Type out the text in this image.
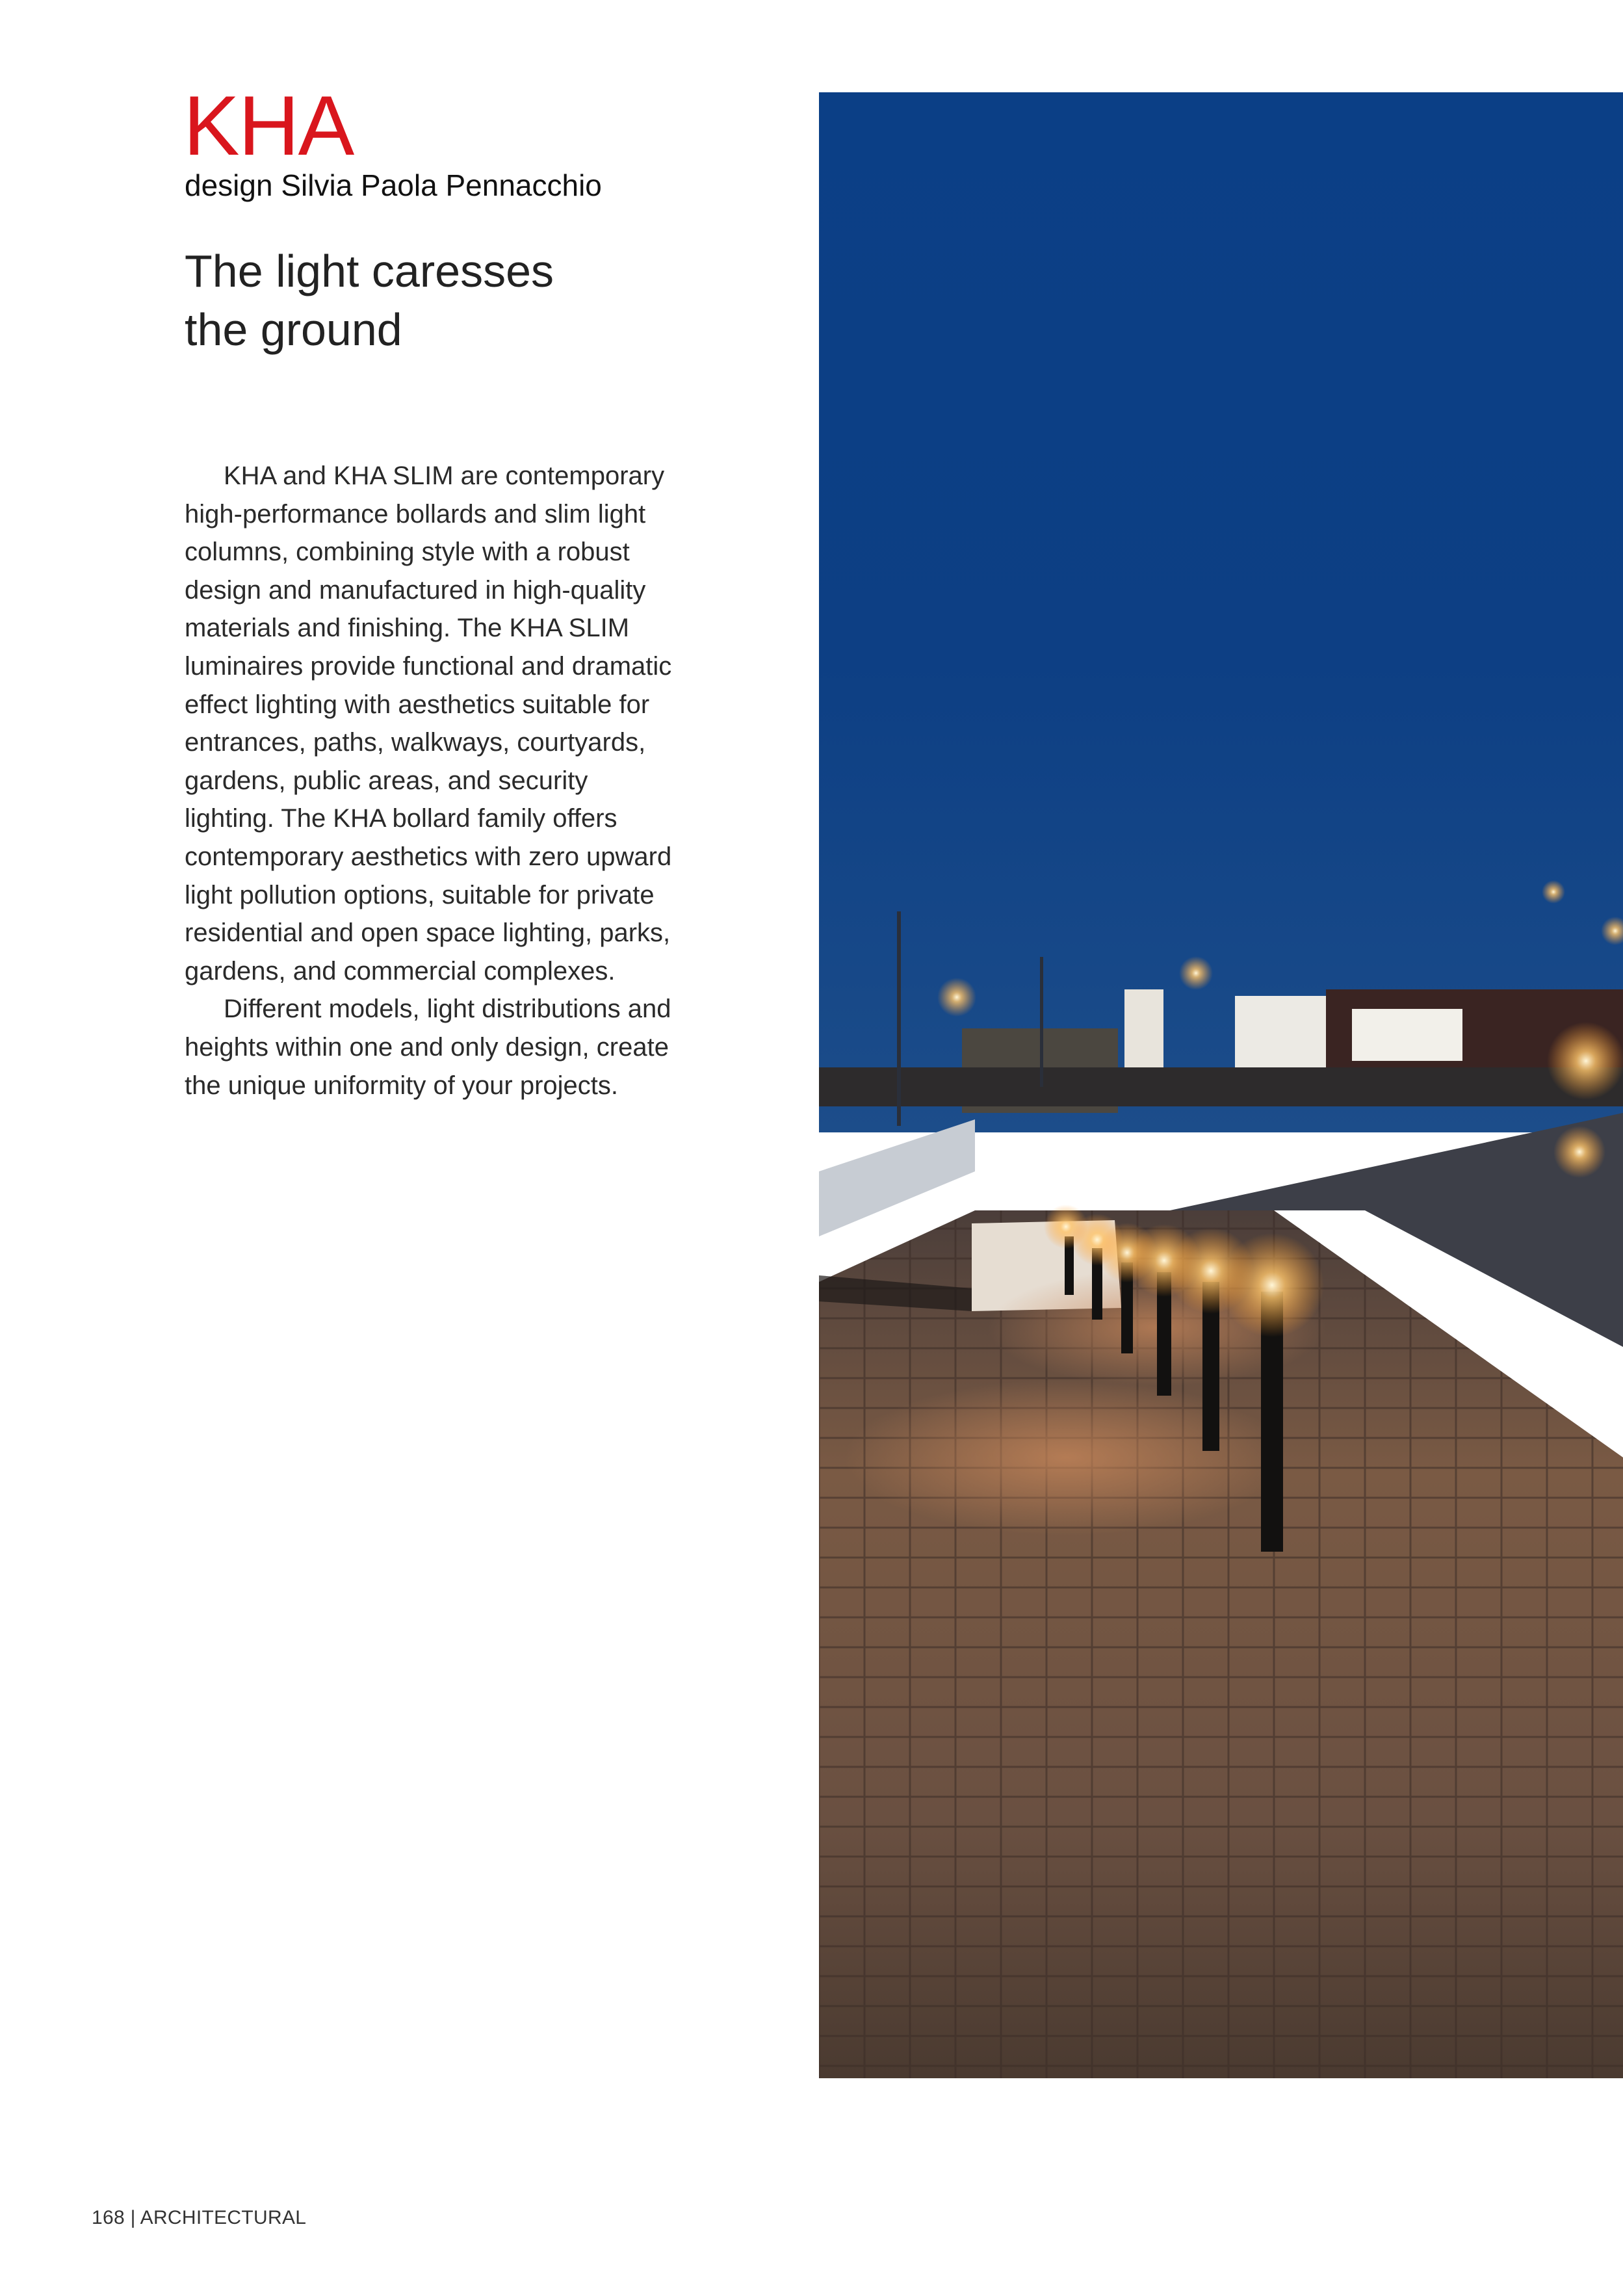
KHA
design Silvia Paola Pennacchio
The light caresses
the ground

KHA and KHA SLIM are contemporary high-performance bollards and slim light columns, combining style with a robust design and manufactured in high-quality materials and finishing. The KHA SLIM luminaires provide functional and dramatic effect lighting with aesthetics suitable for entrances, paths, walkways, courtyards, gardens, public areas, and security lighting. The KHA bollard family offers contemporary aesthetics with zero upward light pollution options, suitable for private residential and open space lighting, parks, gardens, and commercial complexes.

Different models, light distributions and heights within one and only design, create the unique uniformity of your projects.

168 | ARCHITECTURAL
